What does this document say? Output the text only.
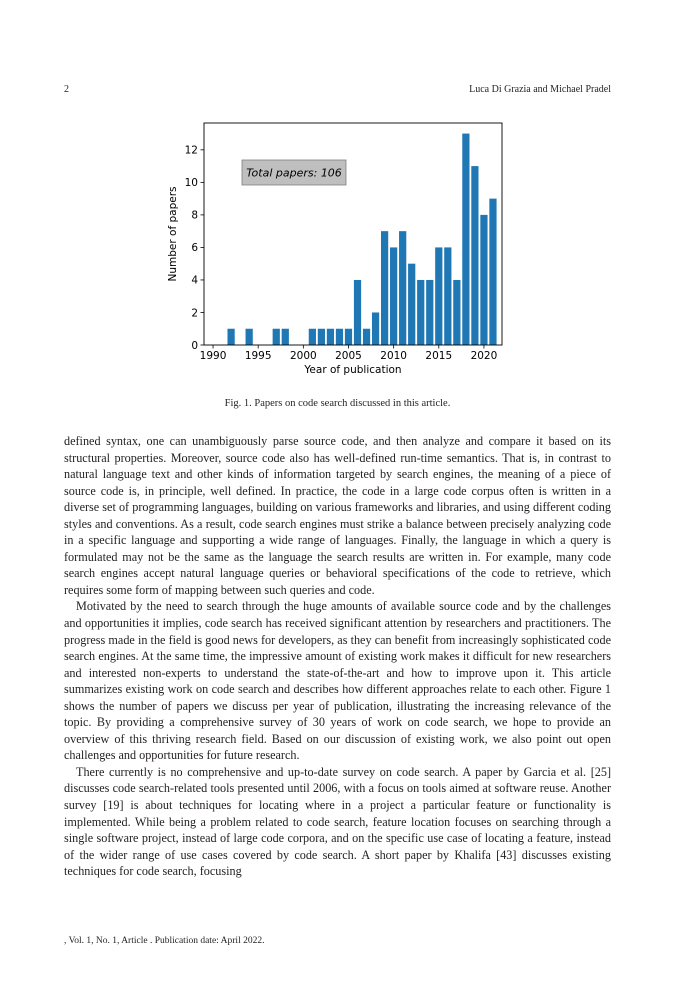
2	Luca Di Grazia and Michael Pradel
1990 1995 2000 2005 2010 2015 2020
0
2
4
6
8
10
12
Total papers: 106
Year of publication
Number of papers
Fig. 1. Papers on code search discussed in this article.

defined syntax, one can unambiguously parse source code, and then analyze and compare it based on its structural properties. Moreover, source code also has well-defined run-time semantics. That is, in contrast to natural language text and other kinds of information targeted by search engines, the meaning of a piece of source code is, in principle, well defined. In practice, the code in a large code corpus often is written in a diverse set of programming languages, building on various frameworks and libraries, and using different coding styles and conventions. As a result, code search engines must strike a balance between precisely analyzing code in a specific language and supporting a wide range of languages. Finally, the language in which a query is formulated may not be the same as the language the search results are written in. For example, many code search engines accept natural language queries or behavioral specifications of the code to retrieve, which requires some form of mapping between such queries and code.

Motivated by the need to search through the huge amounts of available source code and by the challenges and opportunities it implies, code search has received significant attention by researchers and practitioners. The progress made in the field is good news for developers, as they can benefit from increasingly sophisticated code search engines. At the same time, the impressive amount of existing work makes it difficult for new researchers and interested non-experts to understand the state-of-the-art and how to improve upon it. This article summarizes existing work on code search and describes how different approaches relate to each other. Figure 1 shows the number of papers we discuss per year of publication, illustrating the increasing relevance of the topic. By providing a comprehensive survey of 30 years of work on code search, we hope to provide an overview of this thriving research field. Based on our discussion of existing work, we also point out open challenges and opportunities for future research.

There currently is no comprehensive and up-to-date survey on code search. A paper by Garcia et al. [25] discusses code search-related tools presented until 2006, with a focus on tools aimed at software reuse. Another survey [19] is about techniques for locating where in a project a particular feature or functionality is implemented. While being a problem related to code search, feature location focuses on searching through a single software project, instead of large code corpora, and on the specific use case of locating a feature, instead of the wider range of use cases covered by code search. A short paper by Khalifa [43] discusses existing techniques for code search, focusing

, Vol. 1, No. 1, Article . Publication date: April 2022.
